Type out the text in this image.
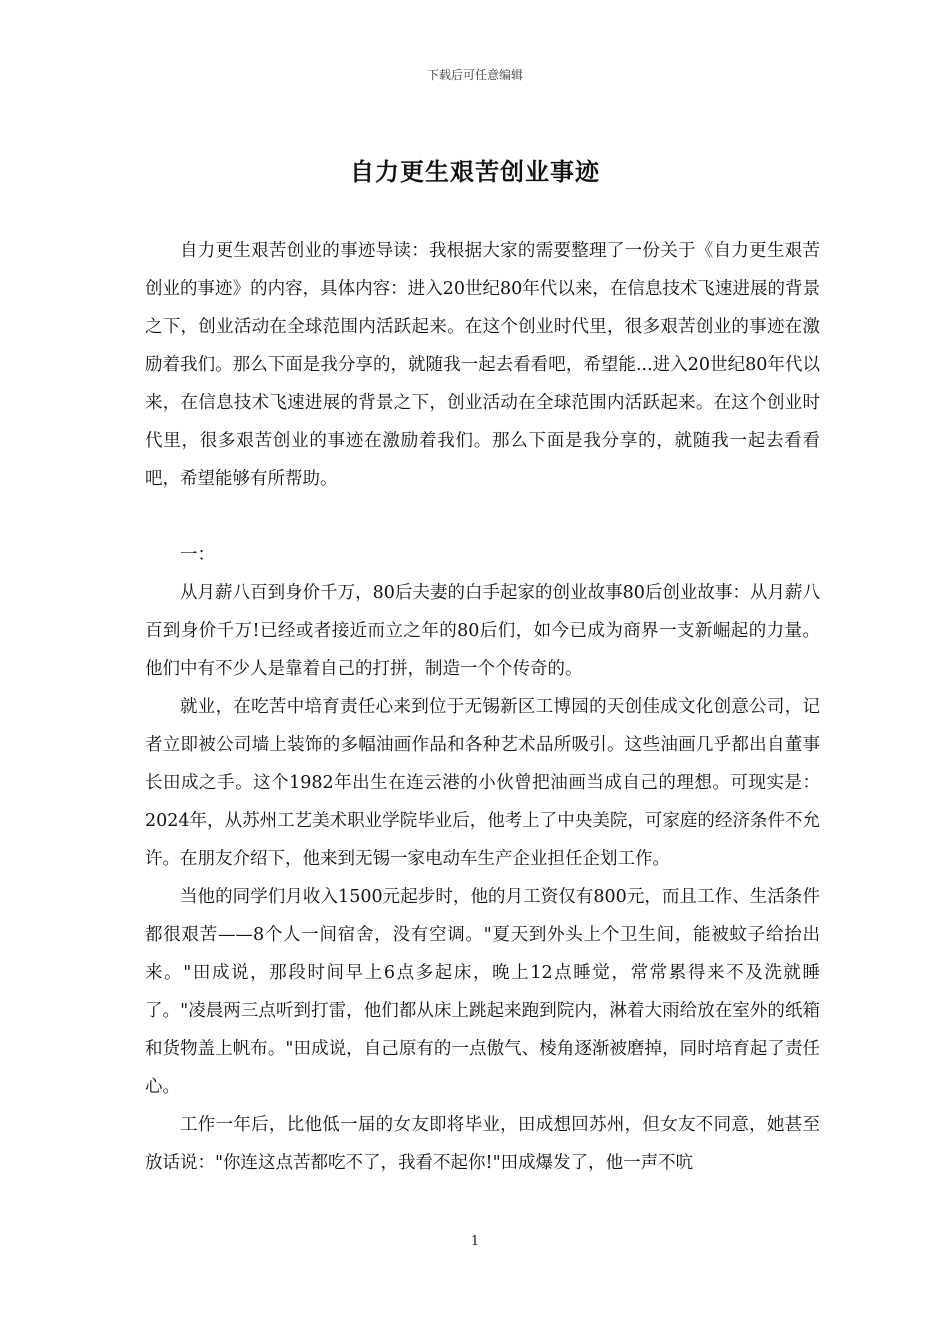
下载后可任意编辑
自力更生艰苦创业事迹

自力更生艰苦创业的事迹导读：我根据大家的需要整理了一份关于《自力更生艰苦创业的事迹》的内容，具体内容：进入20世纪80年代以来，在信息技术飞速进展的背景之下，创业活动在全球范围内活跃起来。在这个创业时代里，很多艰苦创业的事迹在激励着我们。那么下面是我分享的，就随我一起去看看吧，希望能...进入20世纪80年代以来，在信息技术飞速进展的背景之下，创业活动在全球范围内活跃起来。在这个创业时代里，很多艰苦创业的事迹在激励着我们。那么下面是我分享的，就随我一起去看看吧，希望能够有所帮助。

一：

从月薪八百到身价千万，80后夫妻的白手起家的创业故事80后创业故事：从月薪八百到身价千万!已经或者接近而立之年的80后们，如今已成为商界一支新崛起的力量。他们中有不少人是靠着自己的打拼，制造一个个传奇的。

就业，在吃苦中培育责任心来到位于无锡新区工博园的天创佳成文化创意公司，记者立即被公司墙上装饰的多幅油画作品和各种艺术品所吸引。这些油画几乎都出自董事长田成之手。这个1982年出生在连云港的小伙曾把油画当成自己的理想。可现实是：2024年，从苏州工艺美术职业学院毕业后，他考上了中央美院，可家庭的经济条件不允许。在朋友介绍下，他来到无锡一家电动车生产企业担任企划工作。

当他的同学们月收入1500元起步时，他的月工资仅有800元，而且工作、生活条件都很艰苦——8个人一间宿舍，没有空调。"夏天到外头上个卫生间，能被蚊子给抬出来。"田成说，那段时间早上6点多起床，晚上12点睡觉，常常累得来不及洗就睡了。"凌晨两三点听到打雷，他们都从床上跳起来跑到院内，淋着大雨给放在室外的纸箱和货物盖上帆布。"田成说，自己原有的一点傲气、棱角逐渐被磨掉，同时培育起了责任心。

工作一年后，比他低一届的女友即将毕业，田成想回苏州，但女友不同意，她甚至放话说："你连这点苦都吃不了，我看不起你!"田成爆发了，他一声不吭

1
